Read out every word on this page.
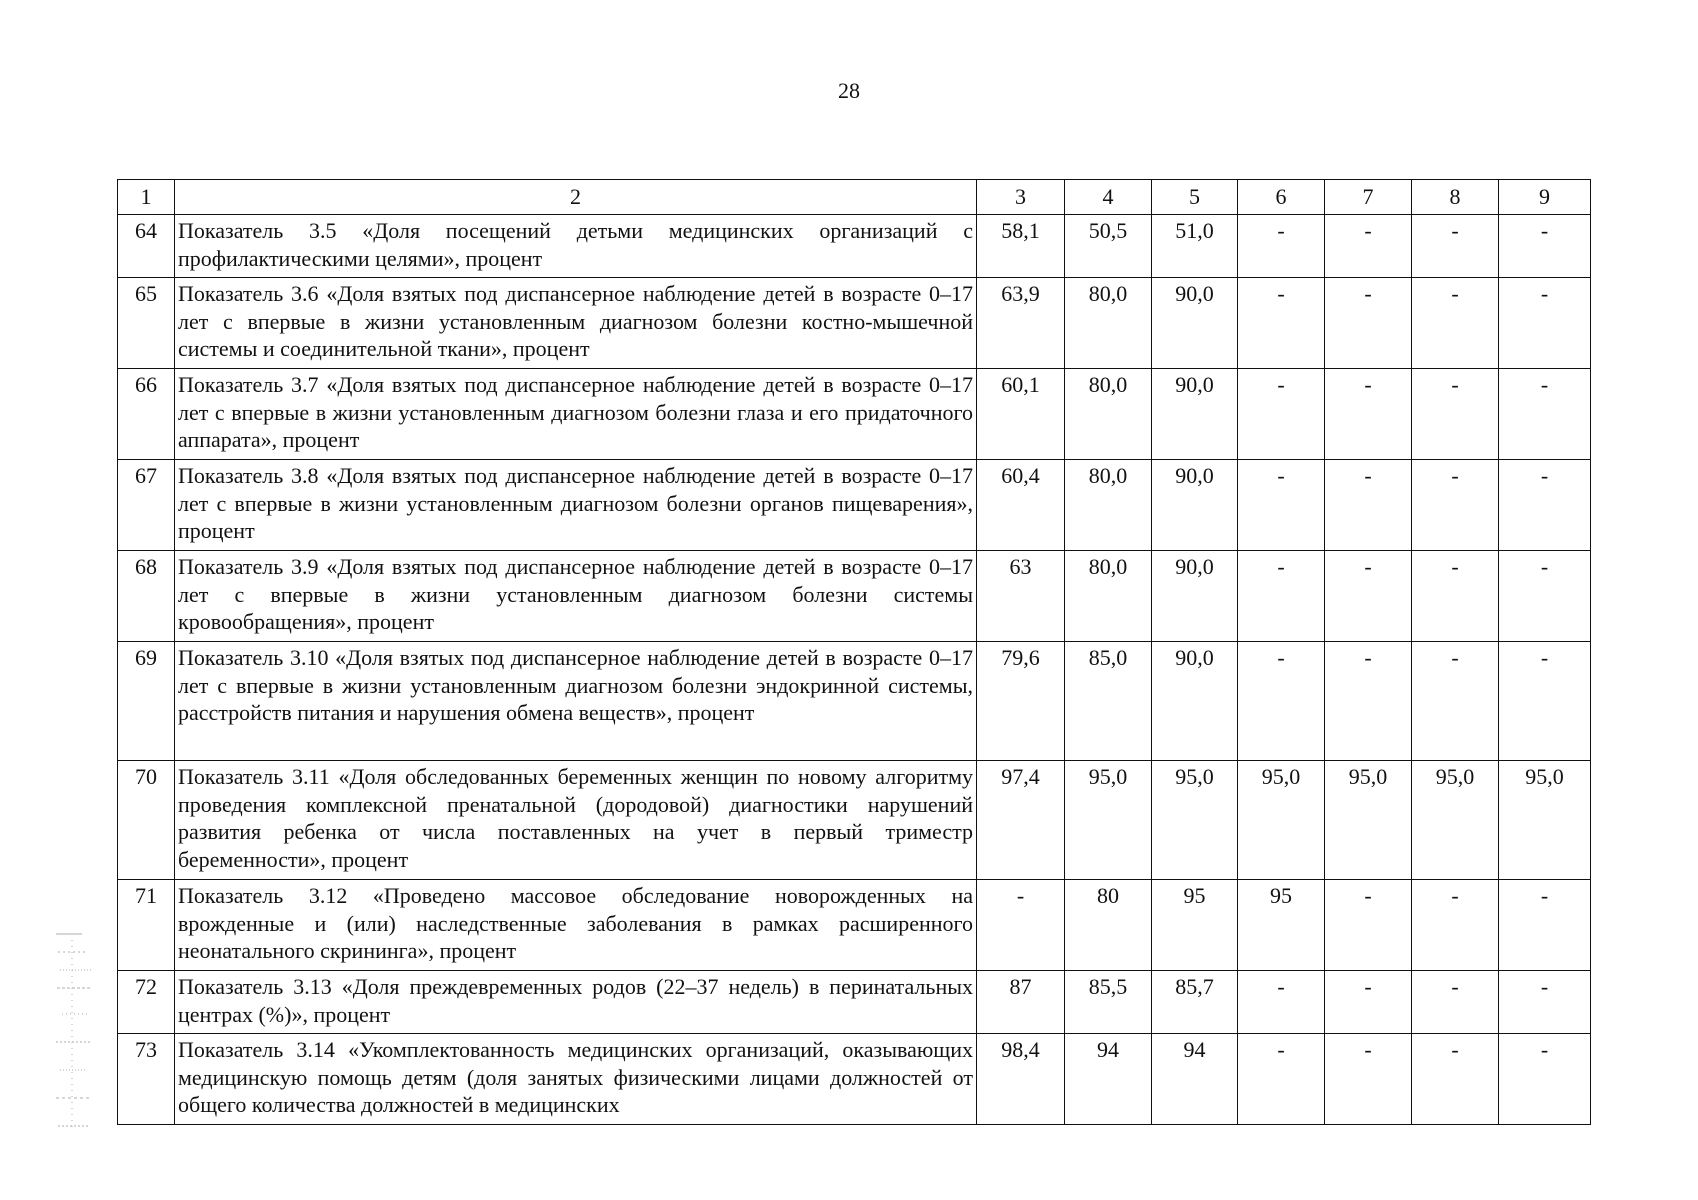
28
1	2	3	4	5	6	7	8	9
64	Показатель 3.5 «Доля посещений детьми медицинских организаций с профилактическими целями», процент	58,1	50,5	51,0	-	-	-	-
65	Показатель 3.6 «Доля взятых под диспансерное наблюдение детей в возрасте 0–17 лет с впервые в жизни установленным диагнозом болезни костно-мышечной системы и соединительной ткани», процент	63,9	80,0	90,0	-	-	-	-
66	Показатель 3.7 «Доля взятых под диспансерное наблюдение детей в возрасте 0–17 лет с впервые в жизни установленным диагнозом болезни глаза и его придаточного аппарата», процент	60,1	80,0	90,0	-	-	-	-
67	Показатель 3.8 «Доля взятых под диспансерное наблюдение детей в возрасте 0–17 лет с впервые в жизни установленным диагнозом болезни органов пищеварения», процент	60,4	80,0	90,0	-	-	-	-
68	Показатель 3.9 «Доля взятых под диспансерное наблюдение детей в возрасте 0–17 лет с впервые в жизни установленным диагнозом болезни системы кровообращения», процент	63	80,0	90,0	-	-	-	-
69	Показатель 3.10 «Доля взятых под диспансерное наблюдение детей в возрасте 0–17 лет с впервые в жизни установленным диагнозом болезни эндокринной системы, расстройств питания и нарушения обмена веществ», процент	79,6	85,0	90,0	-	-	-	-
70	Показатель 3.11 «Доля обследованных беременных женщин по новому алгоритму проведения комплексной пренатальной (дородовой) диагностики нарушений развития ребенка от числа поставленных на учет в первый триместр беременности», процент	97,4	95,0	95,0	95,0	95,0	95,0	95,0
71	Показатель 3.12 «Проведено массовое обследование новорожденных на врожденные и (или) наследственные заболевания в рамках расширенного неонатального скрининга», процент	-	80	95	95	-	-	-
72	Показатель 3.13 «Доля преждевременных родов (22–37 недель) в перинатальных центрах (%)», процент	87	85,5	85,7	-	-	-	-
73	Показатель 3.14 «Укомплектованность медицинских организаций, оказывающих медицинскую помощь детям (доля занятых физическими лицами должностей от общего количества должностей в медицинских	98,4	94	94	-	-	-	-
